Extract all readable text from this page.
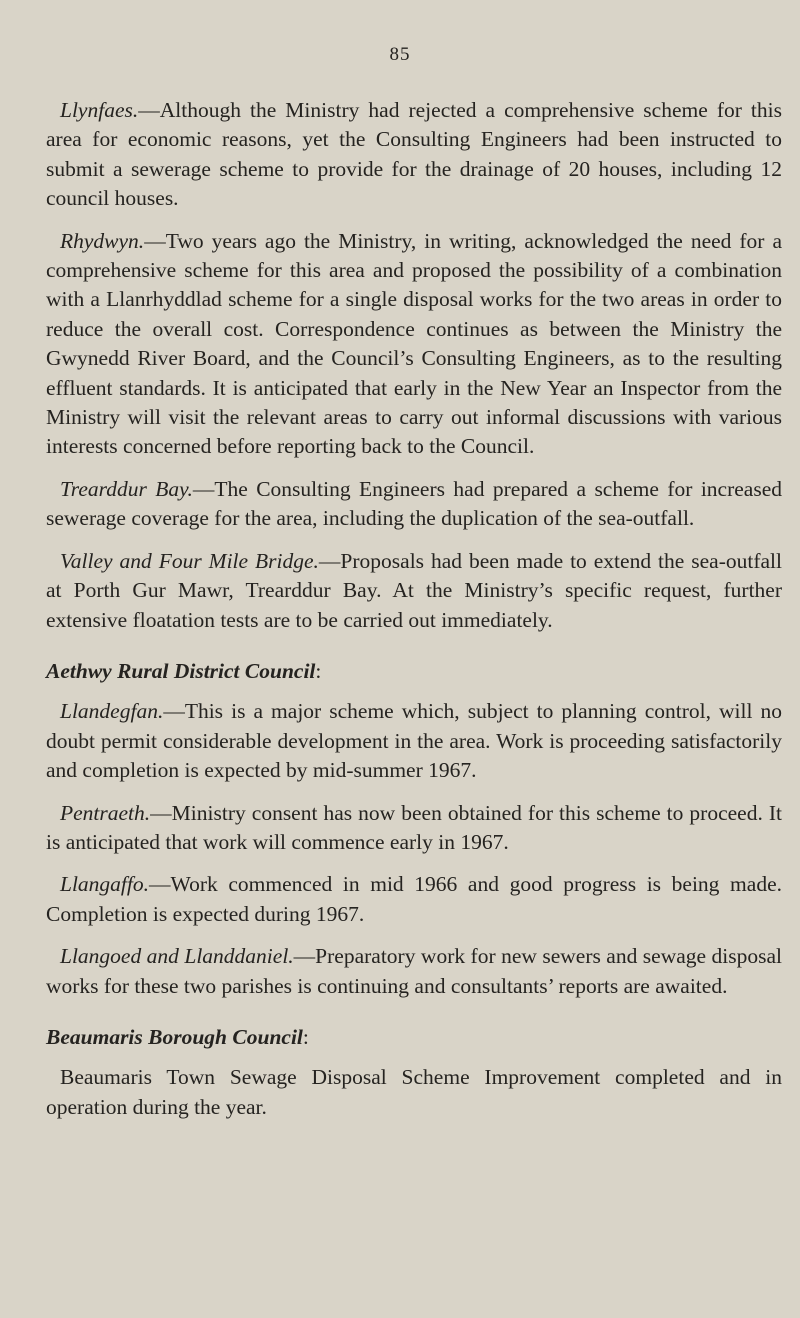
85

Llynfaes.—Although the Ministry had rejected a comprehensive scheme for this area for economic reasons, yet the Consulting Engineers had been instructed to submit a sewerage scheme to provide for the drainage of 20 houses, including 12 council houses.

Rhydwyn.—Two years ago the Ministry, in writing, acknowledged the need for a comprehensive scheme for this area and proposed the possibility of a combination with a Llanrhyddlad scheme for a single disposal works for the two areas in order to reduce the overall cost. Correspondence continues as between the Ministry the Gwynedd River Board, and the Council’s Consulting Engineers, as to the resulting effluent standards. It is anticipated that early in the New Year an Inspector from the Ministry will visit the relevant areas to carry out informal discussions with various interests concerned before reporting back to the Council.

Trearddur Bay.—The Consulting Engineers had prepared a scheme for increased sewerage coverage for the area, including the duplication of the sea-outfall.

Valley and Four Mile Bridge.—Proposals had been made to extend the sea-outfall at Porth Gur Mawr, Trearddur Bay. At the Ministry’s specific request, further extensive floatation tests are to be carried out immediately.

Aethwy Rural District Council:

Llandegfan.—This is a major scheme which, subject to planning control, will no doubt permit considerable development in the area. Work is proceeding satisfactorily and completion is expected by mid-summer 1967.

Pentraeth.—Ministry consent has now been obtained for this scheme to proceed. It is anticipated that work will commence early in 1967.

Llangaffo.—Work commenced in mid 1966 and good progress is being made. Completion is expected during 1967.

Llangoed and Llanddaniel.—Preparatory work for new sewers and sewage disposal works for these two parishes is continuing and consultants’ reports are awaited.

Beaumaris Borough Council:

Beaumaris Town Sewage Disposal Scheme Improvement completed and in operation during the year.
